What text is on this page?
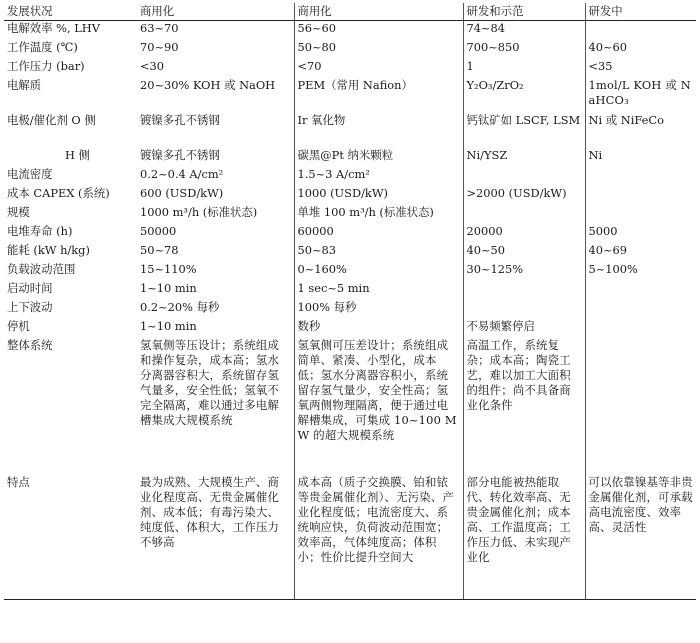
发展状况	商用化	商用化	研发和示范	研发中
电解效率 %, LHV	63~70	56~60	74~84	
工作温度 (℃)	70~90	50~80	700~850	40~60
工作压力 (bar)	<30	<70	1	<35
电解质	20~30% KOH 或 NaOH	PEM（常用 Nafion）	Y₂O₃/ZrO₂	1mol/L KOH 或 NaHCO₃
电极/催化剂 O 侧	镀镍多孔不锈钢	Ir 氧化物	钙钛矿如 LSCF, LSM	Ni 或 NiFeCo

H 侧	镀镍多孔不锈钢	碳黑@Pt 纳米颗粒	Ni/YSZ	Ni
电流密度	0.2~0.4 A/cm²	1.5~3 A/cm²		
成本 CAPEX (系统)	600 (USD/kW)	1000 (USD/kW)	>2000 (USD/kW)	
规模	1000 m³/h (标准状态)	单堆 100 m³/h (标准状态)		
电堆寿命 (h)	50000	60000	20000	5000
能耗 (kW h/kg)	50~78	50~83	40~50	40~69
负载波动范围	15~110%	0~160%	30~125%	5~100%
启动时间	1~10 min	1 sec~5 min		
上下波动	0.2~20% 每秒	100% 每秒		
停机	1~10 min	数秒	不易频繁停启	
整体系统	氢氧侧等压设计；系统组成和操作复杂，成本高；氢水分离器容积大，系统留存氢气量多，安全性低；氢氧不完全隔离，难以通过多电解槽集成大规模系统	氢氧侧可压差设计；系统组成简单、紧凑、小型化，成本低；氢水分离器容积小，系统留存氢气量少，安全性高；氢氧两侧物理隔离，便于通过电解槽集成，可集成 10~100 MW 的超大规模系统	高温工作，系统复杂；成本高；陶瓷工艺，难以加工大面积的组件；尚不具备商业化条件	
特点	最为成熟、大规模生产、商业化程度高、无贵金属催化剂、成本低；有毒污染大、纯度低、体积大，工作压力不够高	成本高（质子交换膜、铂和铱等贵金属催化剂）、无污染、产业化程度低；电流密度大、系统响应快，负荷波动范围宽；效率高，气体纯度高；体积小；性价比提升空间大	部分电能被热能取代、转化效率高、无贵金属催化剂；成本高、工作温度高；工作压力低、未实现产业化	可以依靠镍基等非贵金属催化剂，可承载高电流密度、效率高、灵活性
